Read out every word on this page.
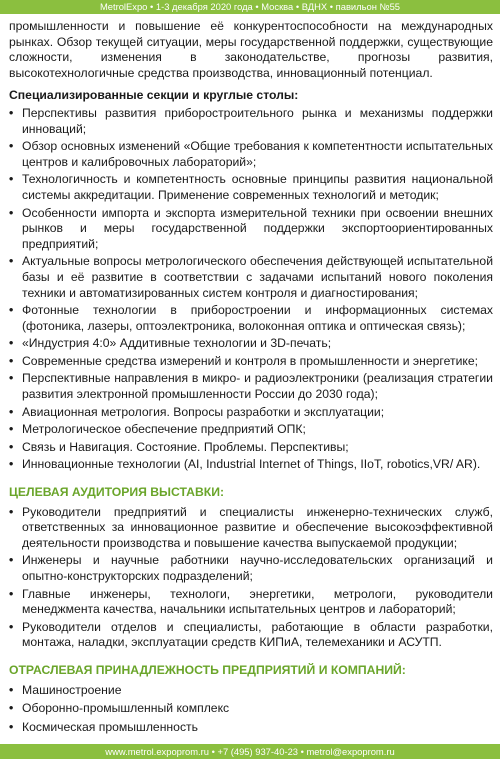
MetrolExpo • 1-3 декабря 2020 года • Москва • ВДНХ • павильон №55

промышленности и повышение её конкурентоспособности на международных рынках. Обзор текущей ситуации, меры государственной поддержки, существующие сложности, изменения в законодательстве, прогнозы развития, высокотехнологичные средства производства, инновационный потенциал.

Специализированные секции и круглые столы:
• Перспективы развития приборостроительного рынка и механизмы поддержки инноваций;
• Обзор основных изменений «Общие требования к компетентности испытательных центров и калибровочных лабораторий»;
• Технологичность и компетентность основные принципы развития национальной системы аккредитации. Применение современных технологий и методик;
• Особенности импорта и экспорта измерительной техники при освоении внешних рынков и меры государственной поддержки экспортоориентированных предприятий;
• Актуальные вопросы метрологического обеспечения действующей испытательной базы и её развитие в соответствии с задачами испытаний нового поколения техники и автоматизированных систем контроля и диагностирования;
• Фотонные технологии в приборостроении и информационных системах (фотоника, лазеры, оптоэлектроника, волоконная оптика и оптическая связь);
• «Индустрия 4:0» Аддитивные технологии и 3D-печать;
• Современные средства измерений и контроля в промышленности и энергетике;
• Перспективные направления в микро- и радиоэлектроники (реализация стратегии развития электронной промышленности России до 2030 года);
• Авиационная метрология. Вопросы разработки и эксплуатации;
• Метрологическое обеспечение предприятий ОПК;
• Связь и Навигация. Состояние. Проблемы. Перспективы;
• Инновационные технологии (AI, Industrial Internet of Things, IIoT, robotics,VR/ AR).
ЦЕЛЕВАЯ АУДИТОРИЯ ВЫСТАВКИ:
• Руководители предприятий и специалисты инженерно-технических служб, ответственных за инновационное развитие и обеспечение высокоэффективной деятельности производства и повышение качества выпускаемой продукции;
• Инженеры и научные работники научно-исследовательских организаций и опытно-конструкторских подразделений;
• Главные инженеры, технологи, энергетики, метрологи, руководители менеджмента качества, начальники испытательных центров и лабораторий;
• Руководители отделов и специалисты, работающие в области разработки, монтажа, наладки, эксплуатации средств КИПиА, телемеханики и АСУТП.
ОТРАСЛЕВАЯ ПРИНАДЛЕЖНОСТЬ ПРЕДПРИЯТИЙ И КОМПАНИЙ:
• Машиностроение
• Оборонно-промышленный комплекс
• Космическая промышленность
www.metrol.expoprom.ru • +7 (495) 937-40-23 • metrol@expoprom.ru
